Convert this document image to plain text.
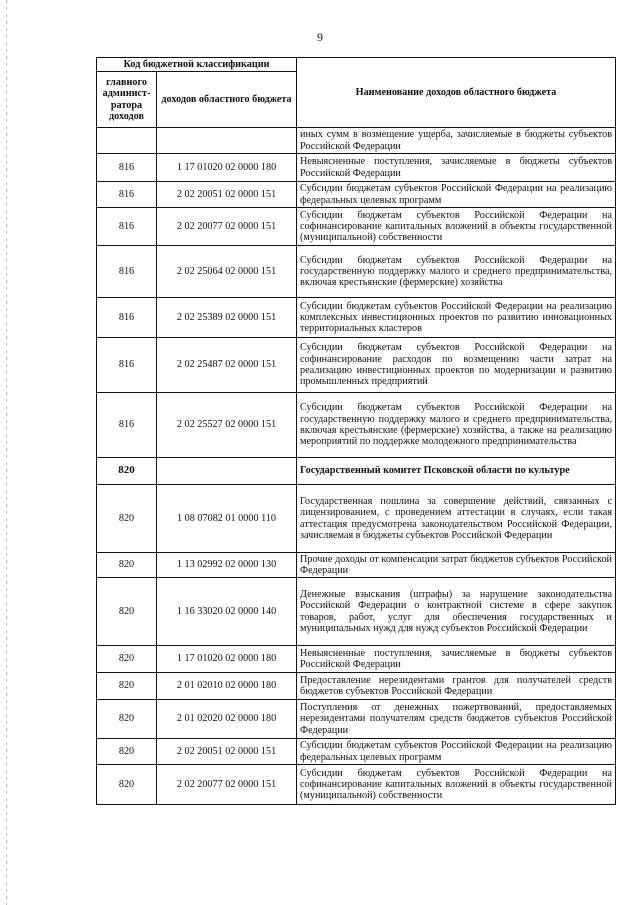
9
Код бюджетной классификации		Наименование доходов областного бюджета
главного админист-ратора доходов	доходов областного бюджета	
		иных сумм в возмещение ущерба, зачисляемые в бюджеты субъектов Российской Федерации
816	1 17 01020 02 0000 180	Невыясненные поступления, зачисляемые в бюджеты субъектов Российской Федерации
816	2 02 20051 02 0000 151	Субсидии бюджетам субъектов Российской Федерации на реализацию федеральных целевых программ
816	2 02 20077 02 0000 151	Субсидии бюджетам субъектов Российской Федерации на софинансирование капитальных вложений в объекты государственной (муниципальной) собственности
816	2 02 25064 02 0000 151	Субсидии бюджетам субъектов Российской Федерации на государственную поддержку малого и среднего предпринимательства, включая крестьянские (фермерские) хозяйства
816	2 02 25389 02 0000 151	Субсидии бюджетам субъектов Российской Федерации на реализацию комплексных инвестиционных проектов по развитию инновационных территориальных кластеров
816	2 02 25487 02 0000 151	Субсидии бюджетам субъектов Российской Федерации на софинансирование расходов по возмещению части затрат на реализацию инвестиционных проектов по модернизации и развитию промышленных предприятий
816	2 02 25527 02 0000 151	Субсидии бюджетам субъектов Российской Федерации на государственную поддержку малого и среднего предпринимательства, включая крестьянские (фермерские) хозяйства, а также на реализацию мероприятий по поддержке молодежного предпринимательства
820		Государственный комитет Псковской области по культуре
820	1 08 07082 01 0000 110	Государственная пошлина за совершение действий, связанных с лицензированием, с проведением аттестации в случаях, если такая аттестация предусмотрена законодательством Российской Федерации, зачисляемая в бюджеты субъектов Российской Федерации
820	1 13 02992 02 0000 130	Прочие доходы от компенсации затрат бюджетов субъектов Российской Федерации
820	1 16 33020 02 0000 140	Денежные взыскания (штрафы) за нарушение законодательства Российской Федерации о контрактной системе в сфере закупок товаров, работ, услуг для обеспечения государственных и муниципальных нужд для нужд субъектов Российской Федерации
820	1 17 01020 02 0000 180	Невыясненные поступления, зачисляемые в бюджеты субъектов Российской Федерации
820	2 01 02010 02 0000 180	Предоставление нерезидентами грантов для получателей средств бюджетов субъектов Российской Федерации
820	2 01 02020 02 0000 180	Поступления от денежных пожертвований, предоставляемых нерезидентами получателям средств бюджетов субъектов Российской Федерации
820	2 02 20051 02 0000 151	Субсидии бюджетам субъектов Российской Федерации на реализацию федеральных целевых программ
820	2 02 20077 02 0000 151	Субсидии бюджетам субъектов Российской Федерации на софинансирование капитальных вложений в объекты государственной (муниципальной) собственности
